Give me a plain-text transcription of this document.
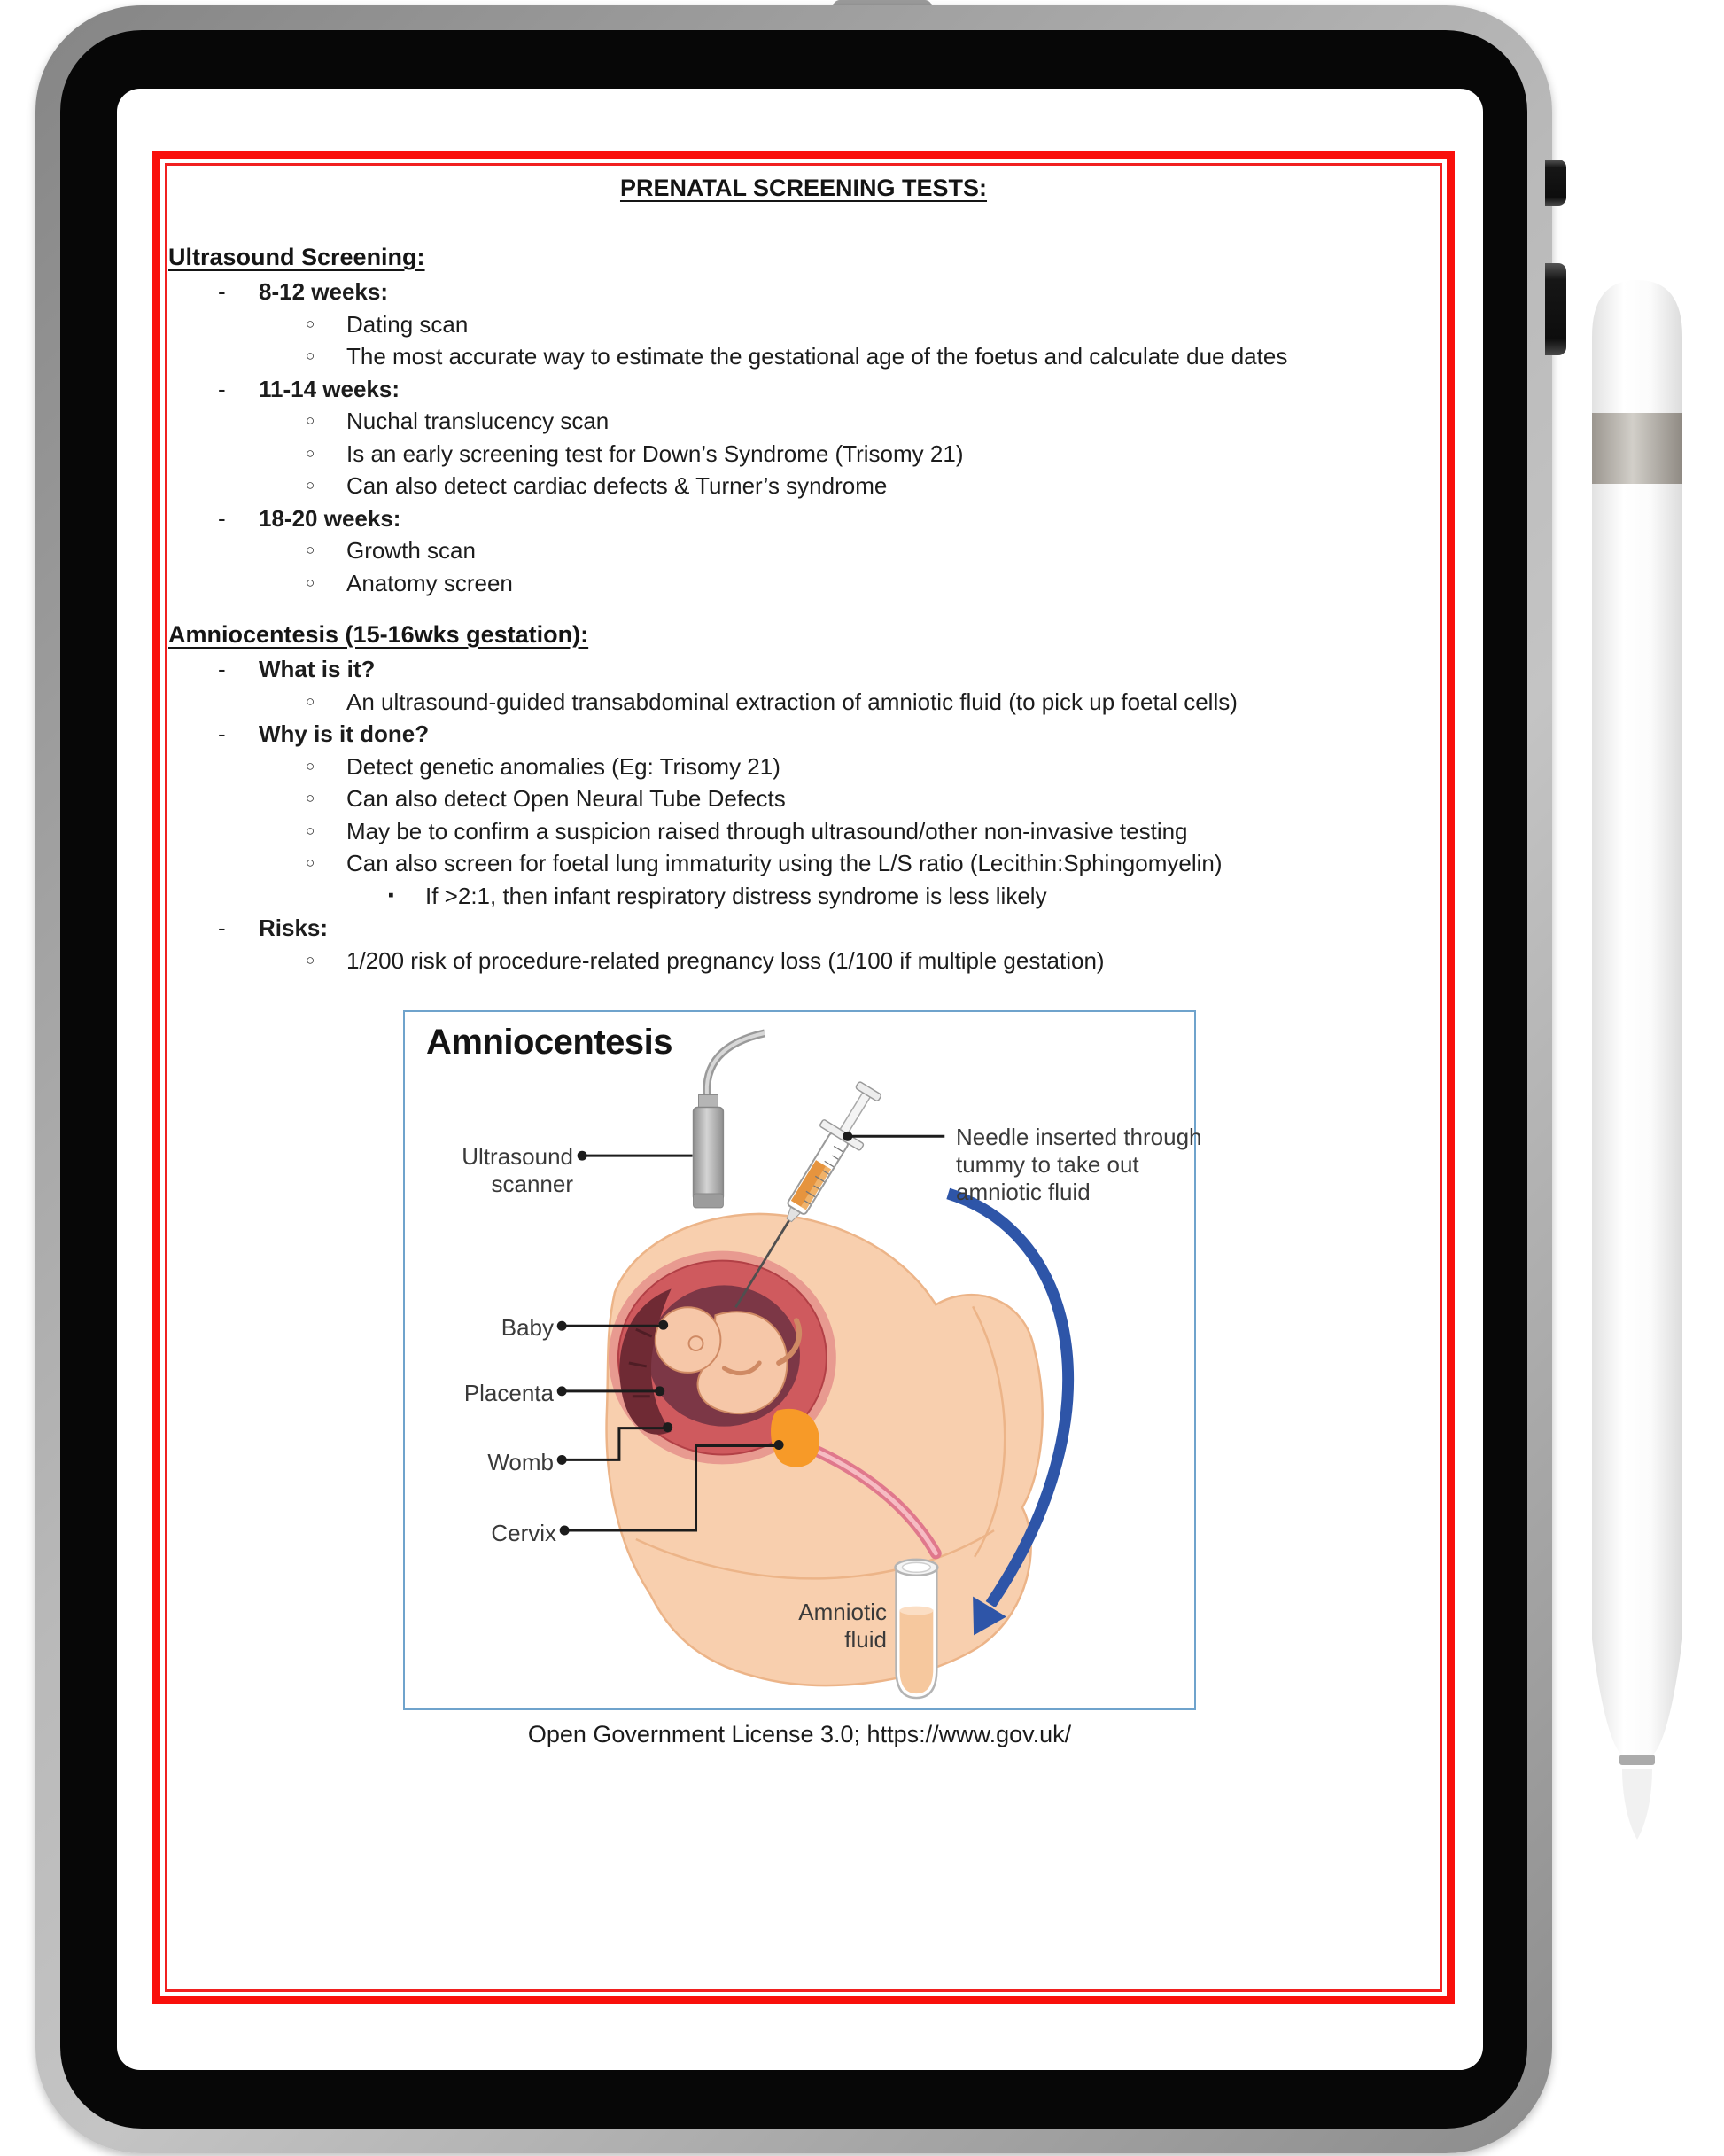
PRENATAL SCREENING TESTS:
Ultrasound Screening:
-	8-12 weeks:
○	Dating scan
○	The most accurate way to estimate the gestational age of the foetus and calculate due dates
-	11-14 weeks:
○	Nuchal translucency scan
○	Is an early screening test for Down’s Syndrome (Trisomy 21)
○	Can also detect cardiac defects & Turner’s syndrome
-	18-20 weeks:
○	Growth scan
○	Anatomy screen
Amniocentesis (15-16wks gestation):
-	What is it?
○	An ultrasound-guided transabdominal extraction of amniotic fluid (to pick up foetal cells)
-	Why is it done?
○	Detect genetic anomalies (Eg: Trisomy 21)
○	Can also detect Open Neural Tube Defects
○	May be to confirm a suspicion raised through ultrasound/other non-invasive testing
○	Can also screen for foetal lung immaturity using the L/S ratio (Lecithin:Sphingomyelin)
▪	If >2:1, then infant respiratory distress syndrome is less likely
-	Risks:
○	1/200 risk of procedure-related pregnancy loss (1/100 if multiple gestation)
Amniocentesis
Ultrasound scanner
Needle inserted through tummy to take out amniotic fluid
Baby
Placenta
Womb
Cervix
Amniotic fluid
Open Government License 3.0; https://www.gov.uk/
